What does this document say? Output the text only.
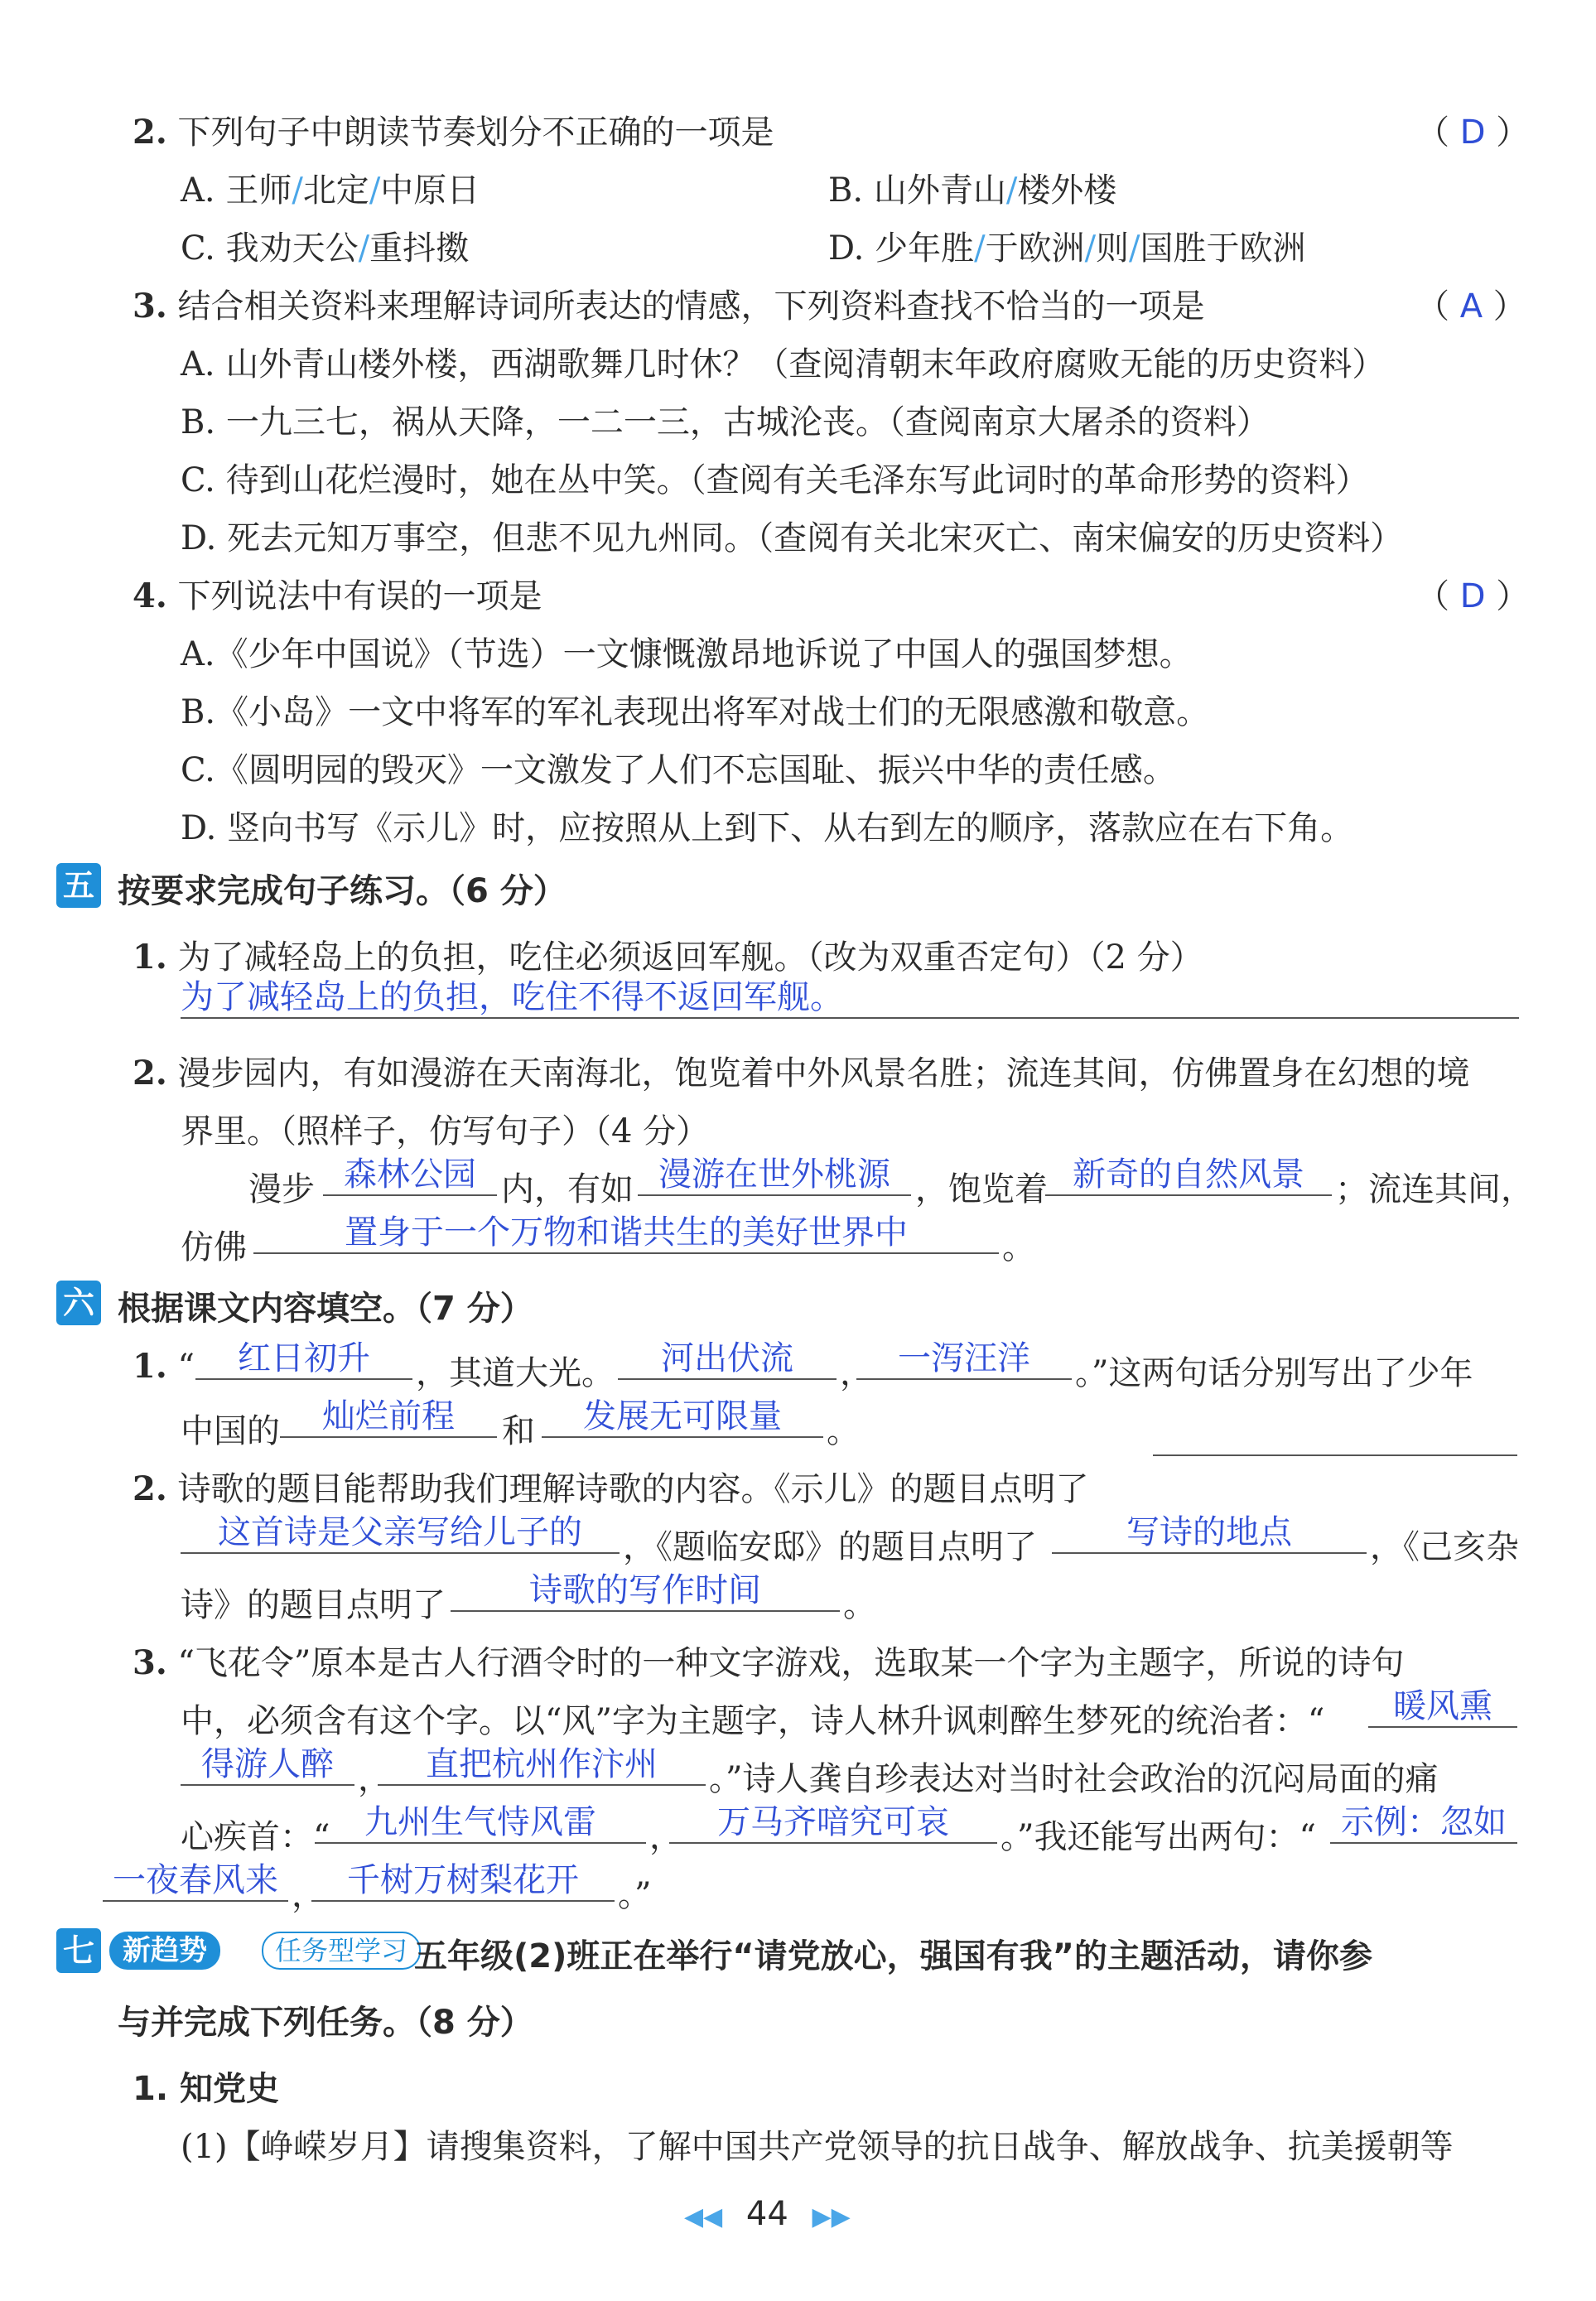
2. 下列句子中朗读节奏划分不正确的一项是	（ D ）
A. 王师/北定/中原日	B. 山外青山/楼外楼
C. 我劝天公/重抖擞	D. 少年胜/于欧洲/则/国胜于欧洲
3. 结合相关资料来理解诗词所表达的情感，下列资料查找不恰当的一项是	（ A ）
A. 山外青山楼外楼，西湖歌舞几时休？（查阅清朝末年政府腐败无能的历史资料）
B. 一九三七，祸从天降，一二一三，古城沦丧。（查阅南京大屠杀的资料）
C. 待到山花烂漫时，她在丛中笑。（查阅有关毛泽东写此词时的革命形势的资料）
D. 死去元知万事空，但悲不见九州同。（查阅有关北宋灭亡、南宋偏安的历史资料）
4. 下列说法中有误的一项是	（ D ）
A.《少年中国说》（节选）一文慷慨激昂地诉说了中国人的强国梦想。
B.《小岛》一文中将军的军礼表现出将军对战士们的无限感激和敬意。
C.《圆明园的毁灭》一文激发了人们不忘国耻、振兴中华的责任感。
D. 竖向书写《示儿》时，应按照从上到下、从右到左的顺序，落款应在右下角。
五 按要求完成句子练习。（6 分）
1. 为了减轻岛上的负担，吃住必须返回军舰。（改为双重否定句）（2 分）
为了减轻岛上的负担，吃住不得不返回军舰。
2. 漫步园内，有如漫游在天南海北，饱览着中外风景名胜；流连其间，仿佛置身在幻想的境
界里。（照样子，仿写句子）（4 分）
漫步 森林公园 内，有如 漫游在世外桃源 ，饱览着 新奇的自然风景 ；流连其间，
仿佛	置身于一个万物和谐共生的美好世界中	。
六 根据课文内容填空。（7 分）
1. “	红日初升	，其道大光。	河出伏流	， 一泻汪洋	。”这两句话分别写出了少年
中国的	灿烂前程	和	发展无可限量	。
2. 诗歌的题目能帮助我们理解诗歌的内容。《示儿》的题目点明了
这首诗是父亲写给儿子的	，《题临安邸》的题目点明了	写诗的地点	，《己亥杂
诗》的题目点明了	诗歌的写作时间	。
3. “飞花令”原本是古人行酒令时的一种文字游戏，选取某一个字为主题字，所说的诗句
中，必须含有这个字。以“风”字为主题字，诗人林升讽刺醉生梦死的统治者：“	暖风熏
得游人醉 ，	直把杭州作汴州	。”诗人龚自珍表达对当时社会政治的沉闷局面的痛
心疾首：“	九州生气恃风雷	，	万马齐喑究可哀	。”我还能写出两句：“ 示例：忽如
一夜春风来 ， 千树万树梨花开	。”
七	新趋势	任务型学习 五年级(2)班正在举行“请党放心，强国有我”的主题活动，请你参
与并完成下列任务。（8 分）
1. 知党史
(1)【峥嵘岁月】请搜集资料，了解中国共产党领导的抗日战争、解放战争、抗美援朝等
◀◀ 44 ▶▶
